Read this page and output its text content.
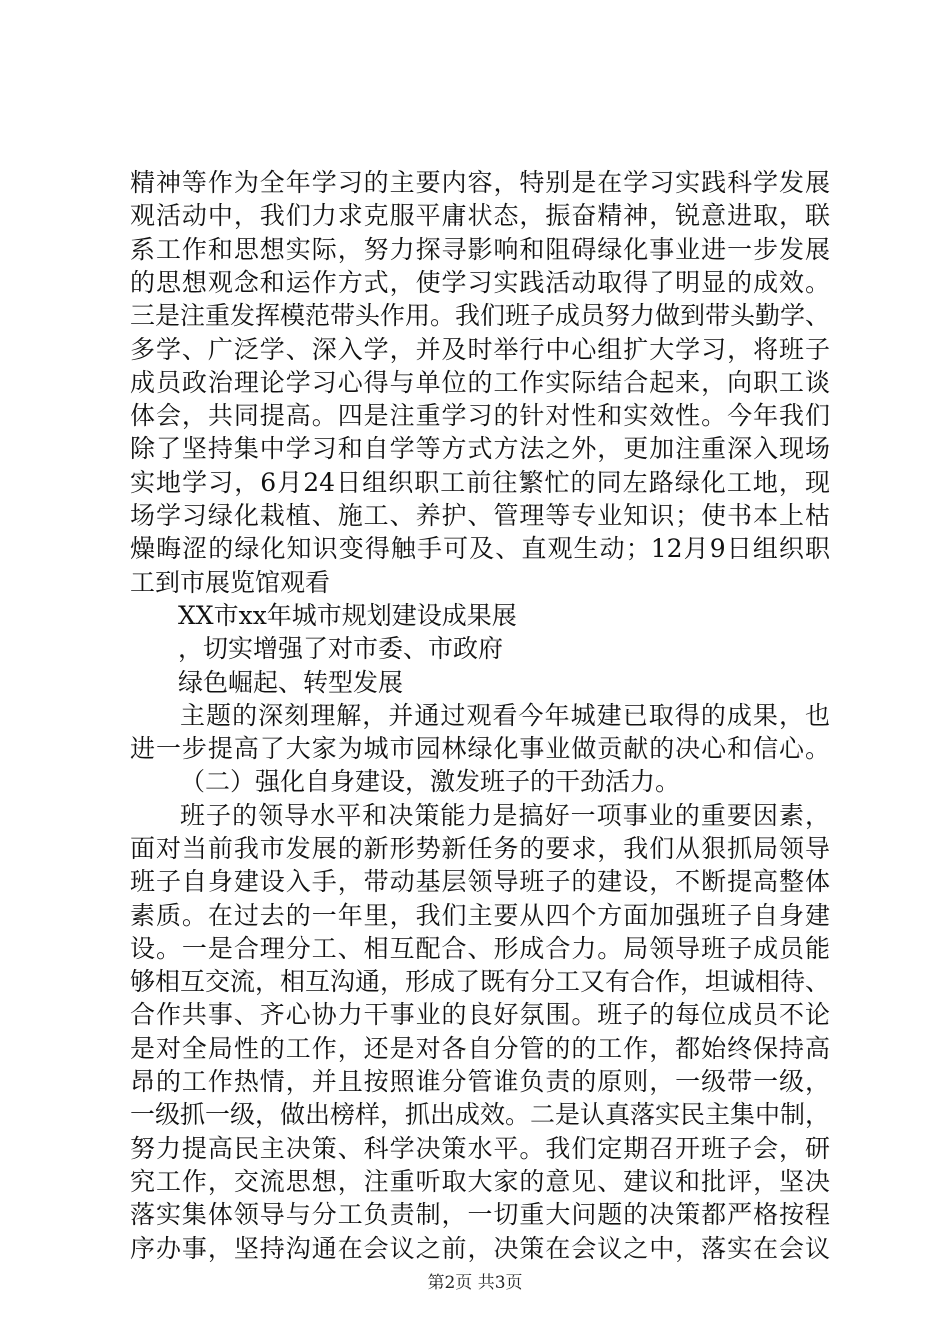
精神等作为全年学习的主要内容，特别是在学习实践科学发展
观活动中，我们力求克服平庸状态，振奋精神，锐意进取，联
系工作和思想实际，努力探寻影响和阻碍绿化事业进一步发展
的思想观念和运作方式，使学习实践活动取得了明显的成效。
三是注重发挥模范带头作用。我们班子成员努力做到带头勤学、
多学、广泛学、深入学，并及时举行中心组扩大学习，将班子
成员政治理论学习心得与单位的工作实际结合起来，向职工谈
体会，共同提高。四是注重学习的针对性和实效性。今年我们
除了坚持集中学习和自学等方式方法之外，更加注重深入现场
实地学习，6月24日组织职工前往繁忙的同左路绿化工地，现
场学习绿化栽植、施工、养护、管理等专业知识；使书本上枯
燥晦涩的绿化知识变得触手可及、直观生动；12月9日组织职
工到市展览馆观看
XX市xx年城市规划建设成果展
，切实增强了对市委、市政府
绿色崛起、转型发展
主题的深刻理解，并通过观看今年城建已取得的成果，也
进一步提高了大家为城市园林绿化事业做贡献的决心和信心。
（二）强化自身建设，激发班子的干劲活力。
班子的领导水平和决策能力是搞好一项事业的重要因素，
面对当前我市发展的新形势新任务的要求，我们从狠抓局领导
班子自身建设入手，带动基层领导班子的建设，不断提高整体
素质。在过去的一年里，我们主要从四个方面加强班子自身建
设。一是合理分工、相互配合、形成合力。局领导班子成员能
够相互交流，相互沟通，形成了既有分工又有合作，坦诚相待、
合作共事、齐心协力干事业的良好氛围。班子的每位成员不论
是对全局性的工作，还是对各自分管的的工作，都始终保持高
昂的工作热情，并且按照谁分管谁负责的原则，一级带一级，
一级抓一级，做出榜样，抓出成效。二是认真落实民主集中制，
努力提高民主决策、科学决策水平。我们定期召开班子会，研
究工作，交流思想，注重听取大家的意见、建议和批评，坚决
落实集体领导与分工负责制，一切重大问题的决策都严格按程
序办事，坚持沟通在会议之前，决策在会议之中，落实在会议
第2页 共3页
